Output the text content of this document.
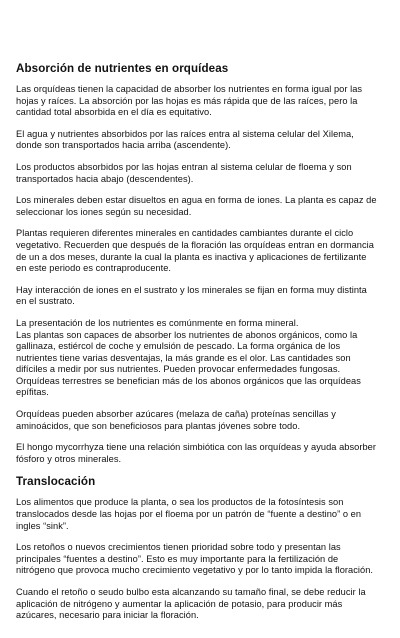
Absorción de nutrientes en orquídeas
Las orquídeas tienen la capacidad de absorber los nutrientes en forma igual por las
hojas y raíces. La absorción por las hojas es más rápida que de las raíces, pero la
cantidad total absorbida en el día es equitativo.
El agua y nutrientes absorbidos por las raíces entra al sistema celular del Xilema,
donde son transportados hacia arriba (ascendente).
Los productos absorbidos por las hojas entran al sistema celular de floema y son
transportados hacia abajo (descendentes).
Los minerales deben estar disueltos en agua en forma de iones. La planta es capaz de
seleccionar los iones según su necesidad.
Plantas requieren diferentes minerales en cantidades cambiantes durante el ciclo
vegetativo. Recuerden que después de la floración las orquídeas entran en dormancia
de un a dos meses, durante la cual la planta es inactiva y aplicaciones de fertilizante
en este periodo es contraproducente.
Hay interacción de iones en el sustrato y los minerales se fijan en forma muy distinta
en el sustrato.
La presentación de los nutrientes es comúnmente en forma mineral.
Las plantas son capaces de absorber los nutrientes de abonos orgánicos, como la
gallinaza, estiércol de coche y emulsión de pescado. La forma orgánica de los
nutrientes tiene varias desventajas, la más grande es el olor. Las cantidades son
difíciles a medir por sus nutrientes. Pueden provocar enfermedades fungosas.
Orquídeas terrestres se benefician más de los abonos orgánicos que las orquídeas
epífitas.
Orquídeas pueden absorber azúcares (melaza de caña) proteínas sencillas y
aminoácidos, que son beneficiosos para plantas jóvenes sobre todo.
El hongo mycorrhyza tiene una relación simbiótica con las orquídeas y ayuda absorber
fósforo y otros minerales.
Translocación
Los alimentos que produce la planta, o sea los productos de la fotosíntesis son
translocados desde las hojas por el floema por un patrón de “fuente a destino” o en
ingles “sink”.
Los retoños o nuevos crecimientos tienen prioridad sobre todo y presentan las
principales “fuentes a destino”. Esto es muy importante para la fertilización de
nitrógeno que provoca mucho crecimiento vegetativo y por lo tanto impida la floración.
Cuando el retoño o seudo bulbo esta alcanzando su tamaño final, se debe reducir la
aplicación de nitrógeno y aumentar la aplicación de potasio, para producir más
azúcares, necesario para iniciar la floración.
